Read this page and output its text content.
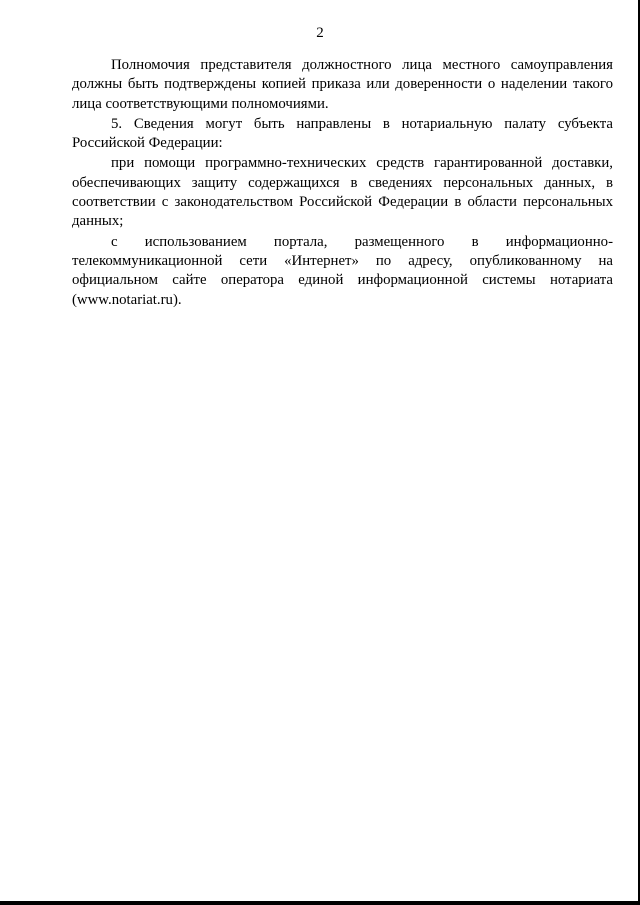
2

Полномочия представителя должностного лица местного самоуправления должны быть подтверждены копией приказа или доверенности о наделении такого лица соответствующими полномочиями.

5. Сведения могут быть направлены в нотариальную палату субъекта Российской Федерации:

при помощи программно-технических средств гарантированной доставки, обеспечивающих защиту содержащихся в сведениях персональных данных, в соответствии с законодательством Российской Федерации в области персональных данных;

с использованием портала, размещенного в информационно-телекоммуникационной сети «Интернет» по адресу, опубликованному на официальном сайте оператора единой информационной системы нотариата (www.notariat.ru).
